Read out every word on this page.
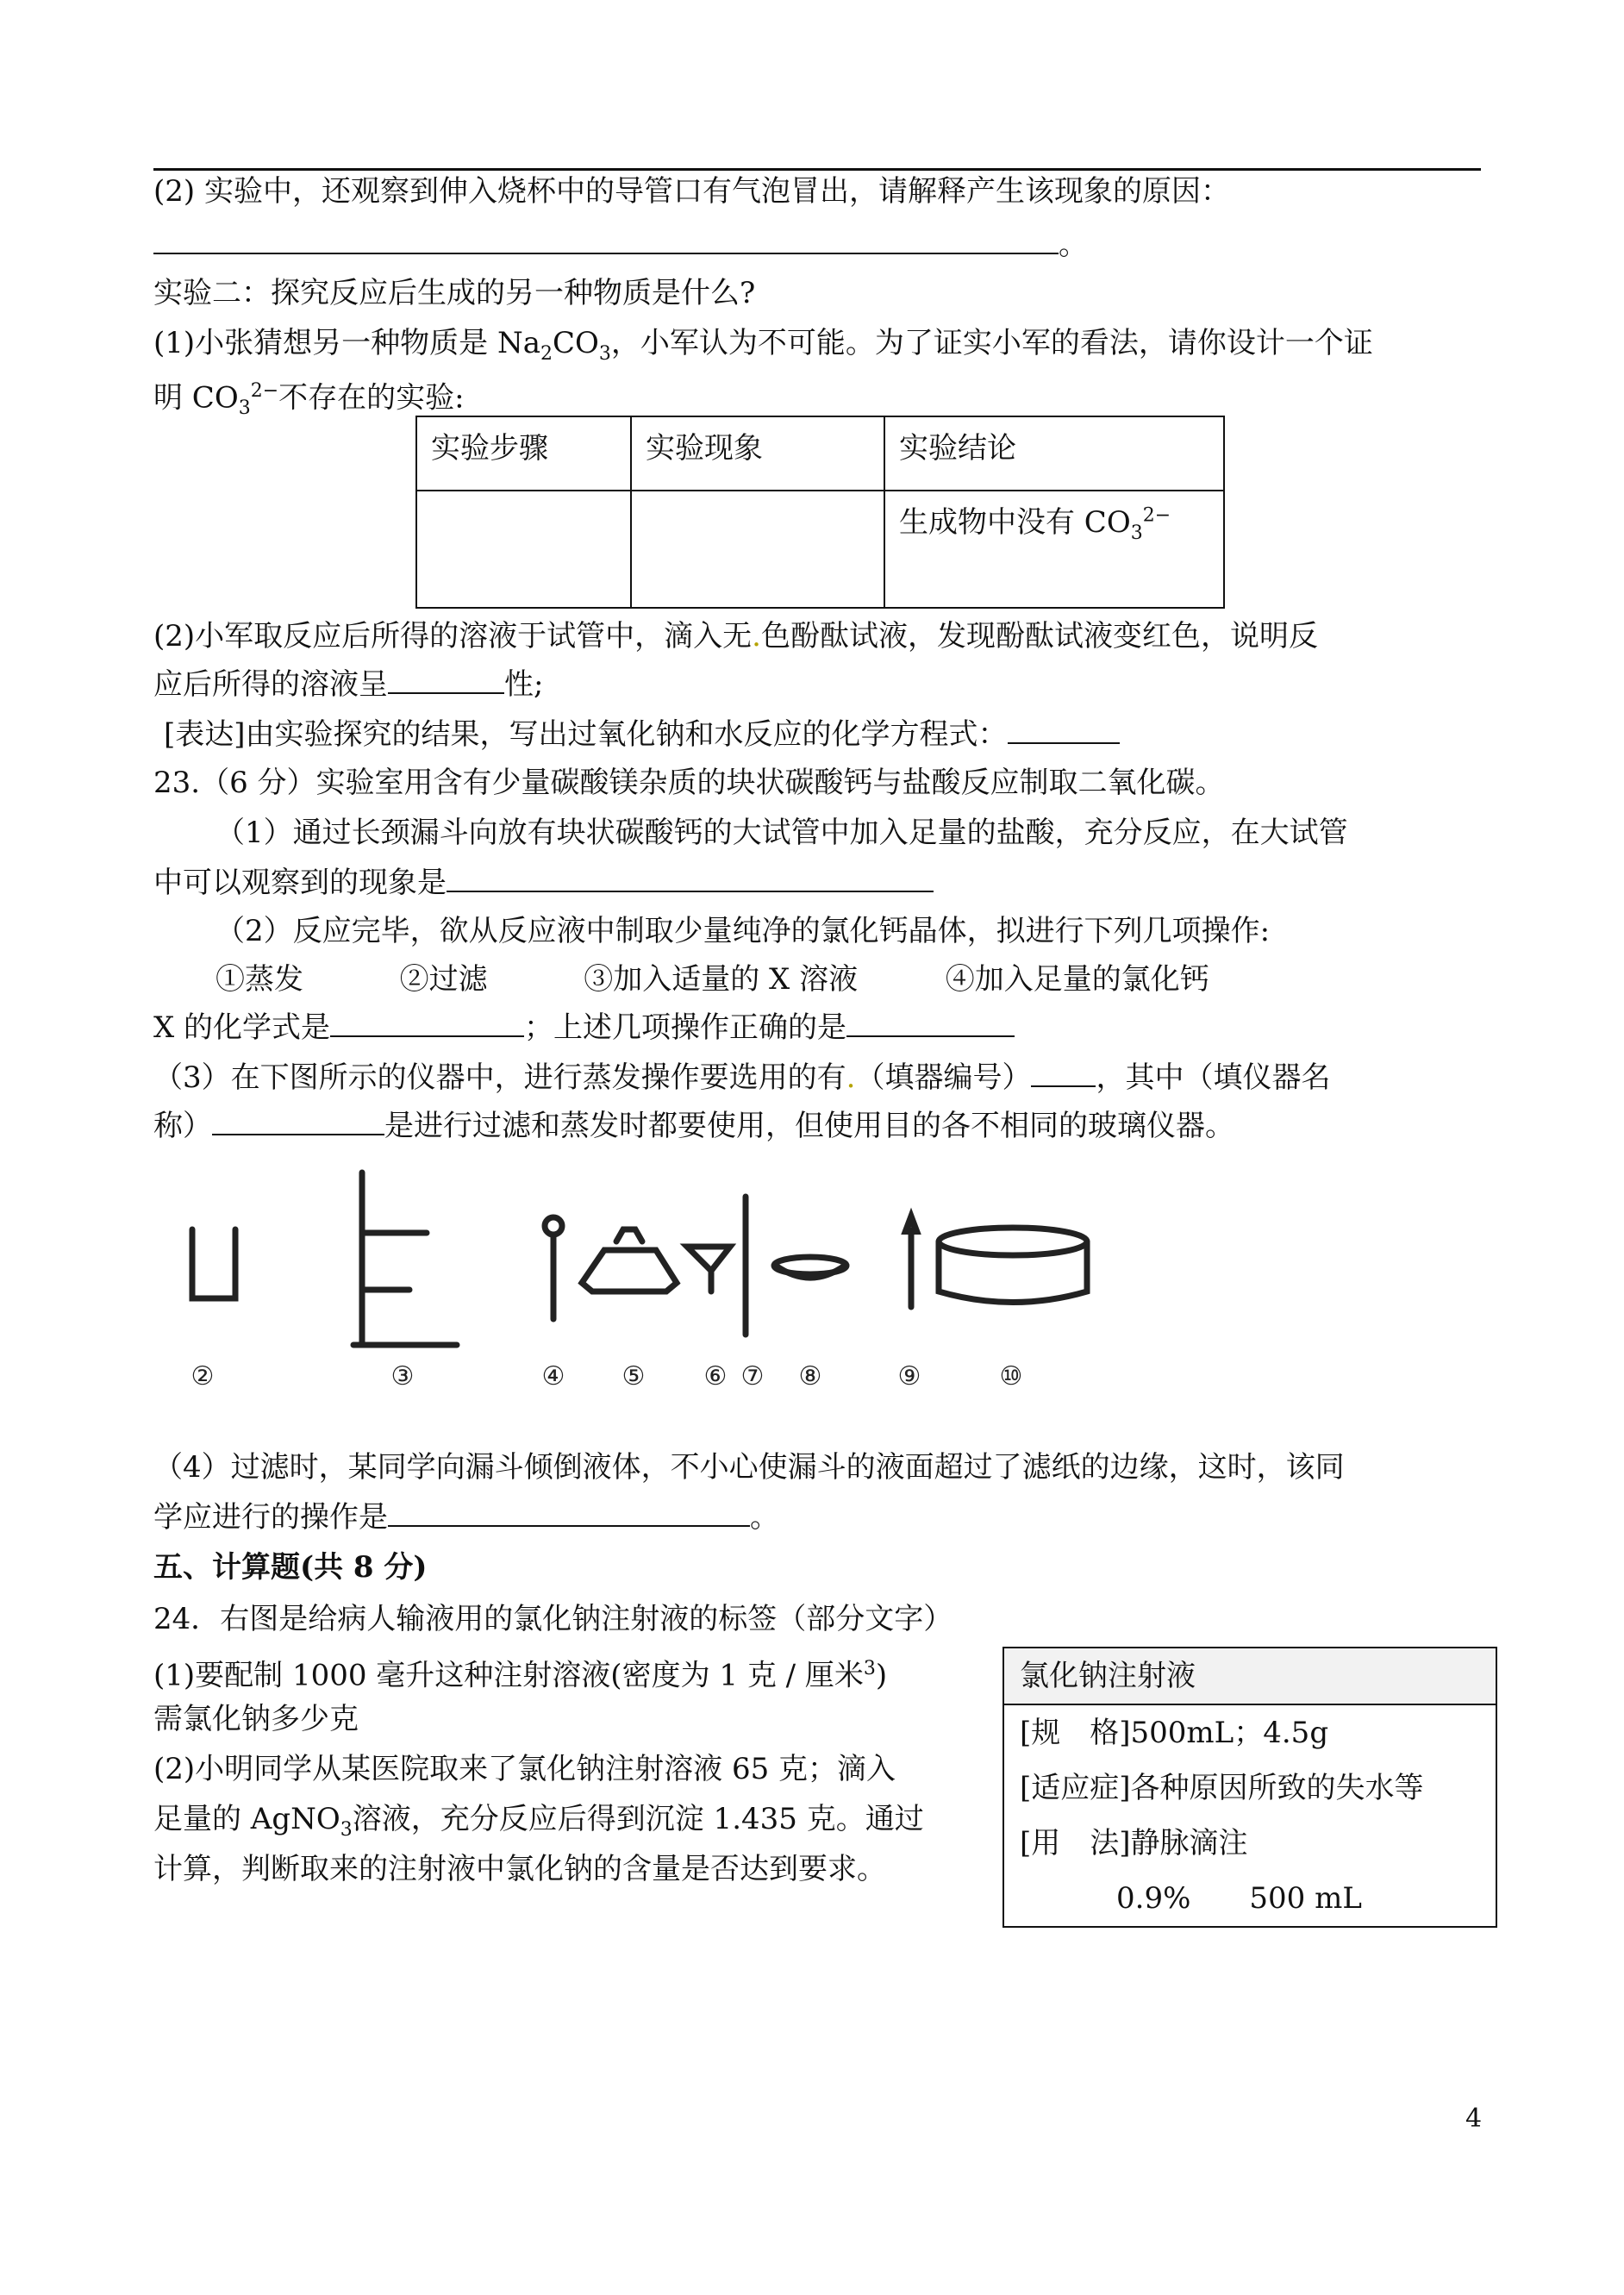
(2) 实验中，还观察到伸入烧杯中的导管口有气泡冒出，请解释产生该现象的原因：
。
实验二：探究反应后生成的另一种物质是什么?
(1)小张猜想另一种物质是 $Na_2CO_3$，小军认为不可能。为了证实小军的看法，请你设计一个证
明 $CO_3^{2-}$不存在的实验:
实验步骤	实验现象	实验结论
		生成物中没有 $CO_3^{2-}$
(2)小军取反应后所得的溶液于试管中，滴入无.色酚酞试液，发现酚酞试液变红色，说明反
应后所得的溶液呈	性;
[表达]由实验探究的结果，写出过氧化钠和水反应的化学方程式：
23.（6 分）实验室用含有少量碳酸镁杂质的块状碳酸钙与盐酸反应制取二氧化碳。
（1）通过长颈漏斗向放有块状碳酸钙的大试管中加入足量的盐酸，充分反应，在大试管
中可以观察到的现象是
（2）反应完毕，欲从反应液中制取少量纯净的氯化钙晶体，拟进行下列几项操作:
①蒸发	②过滤	③加入适量的 X 溶液	④加入足量的氯化钙
X 的化学式是	；上述几项操作正确的是
（3）在下图所示的仪器中，进行蒸发操作要选用的有.（填器编号） ，其中（填仪器名
称）	是进行过滤和蒸发时都要使用，但使用目的各不相同的玻璃仪器。
②	③	④ ⑤ ⑥ ⑦ ⑧	⑨	⑩
（4）过滤时，某同学向漏斗倾倒液体，不小心使漏斗的液面超过了滤纸的边缘，这时，该同
学应进行的操作是	。
五、计算题(共 8 分)
24．右图是给病人输液用的氯化钠注射液的标签（部分文字）
(1)要配制 1000 毫升这种注射溶液(密度为 1 克 / 厘米$^3$)
需氯化钠多少克
(2)小明同学从某医院取来了氯化钠注射溶液 65 克；滴入
足量的 AgNO$_3$溶液，充分反应后得到沉淀 1.435 克。通过
计算，判断取来的注射液中氯化钠的含量是否达到要求。
氯化钠注射液
[规　格]500mL；4.5g
[适应症]各种原因所致的失水等
[用　法]静脉滴注
0.9%　　500 mL
4
